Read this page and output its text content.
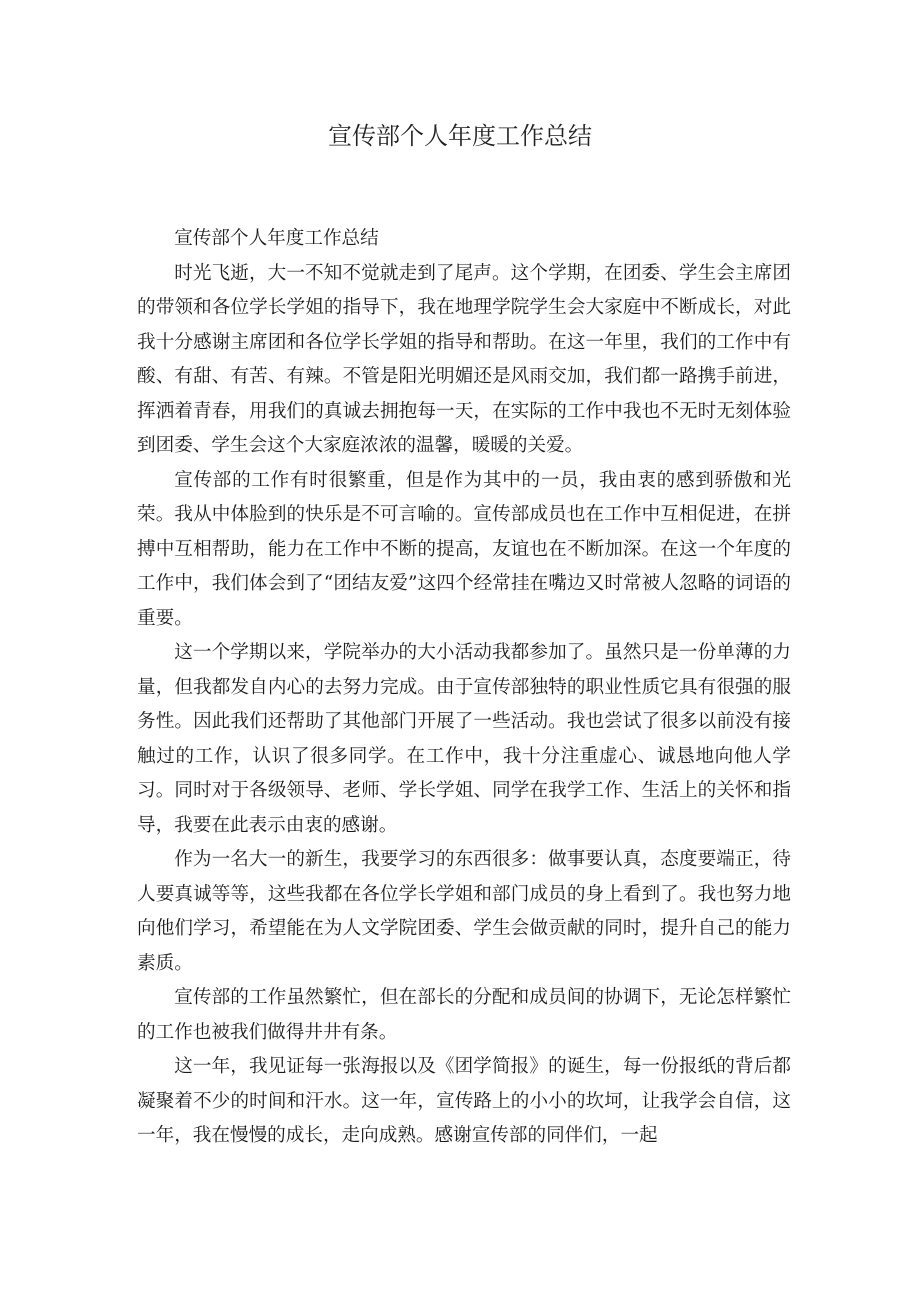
宣传部个人年度工作总结

宣传部个人年度工作总结

时光飞逝，大一不知不觉就走到了尾声。这个学期，在团委、学生会主席团的带领和各位学长学姐的指导下，我在地理学院学生会大家庭中不断成长，对此我十分感谢主席团和各位学长学姐的指导和帮助。在这一年里，我们的工作中有酸、有甜、有苦、有辣。不管是阳光明媚还是风雨交加，我们都一路携手前进，挥洒着青春，用我们的真诚去拥抱每一天，在实际的工作中我也不无时无刻体验到团委、学生会这个大家庭浓浓的温馨，暖暖的关爱。

宣传部的工作有时很繁重，但是作为其中的一员，我由衷的感到骄傲和光荣。我从中体脸到的快乐是不可言喻的。宣传部成员也在工作中互相促进，在拼搏中互相帮助，能力在工作中不断的提高，友谊也在不断加深。在这一个年度的工作中，我们体会到了“团结友爱”这四个经常挂在嘴边又时常被人忽略的词语的重要。

这一个学期以来，学院举办的大小活动我都参加了。虽然只是一份单薄的力量，但我都发自内心的去努力完成。由于宣传部独特的职业性质它具有很强的服务性。因此我们还帮助了其他部门开展了一些活动。我也尝试了很多以前没有接触过的工作，认识了很多同学。在工作中，我十分注重虚心、诚恳地向他人学习。同时对于各级领导、老师、学长学姐、同学在我学工作、生活上的关怀和指导，我要在此表示由衷的感谢。

作为一名大一的新生，我要学习的东西很多：做事要认真，态度要端正，待人要真诚等等，这些我都在各位学长学姐和部门成员的身上看到了。我也努力地向他们学习，希望能在为人文学院团委、学生会做贡献的同时，提升自己的能力素质。

宣传部的工作虽然繁忙，但在部长的分配和成员间的协调下，无论怎样繁忙的工作也被我们做得井井有条。

这一年，我见证每一张海报以及《团学简报》的诞生，每一份报纸的背后都凝聚着不少的时间和汗水。这一年，宣传路上的小小的坎坷，让我学会自信，这一年，我在慢慢的成长，走向成熟。感谢宣传部的同伴们，一起
